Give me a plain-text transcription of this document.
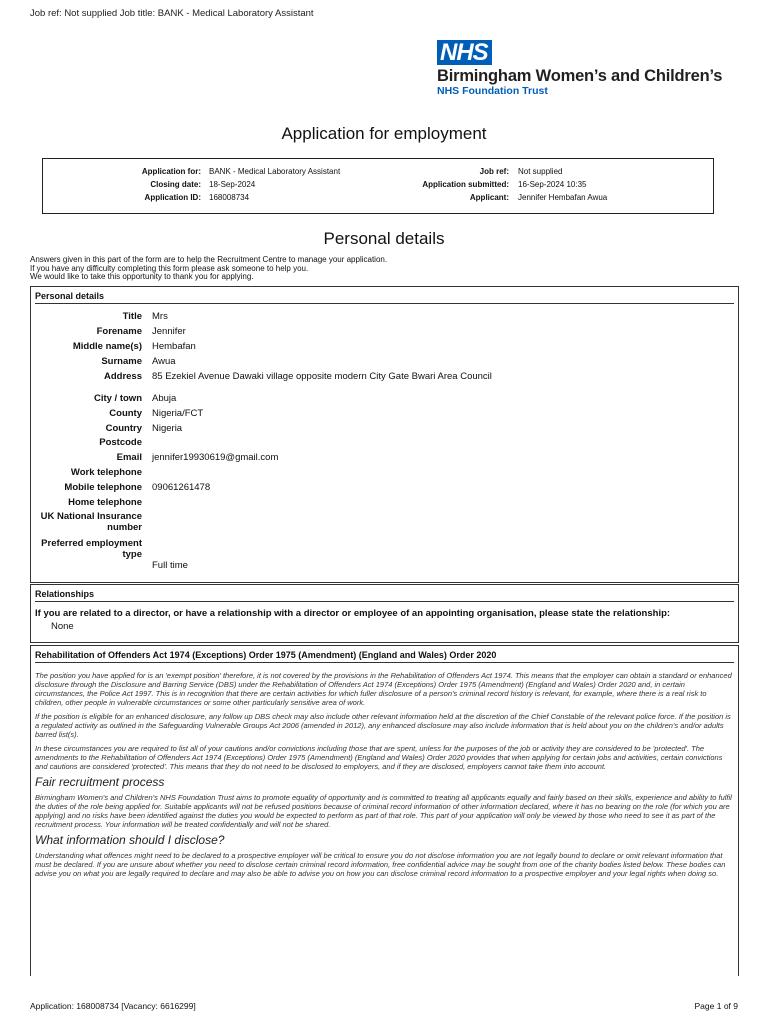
Job ref: Not supplied Job title: BANK - Medical Laboratory Assistant
NHS
Birmingham Women’s and Children’s
NHS Foundation Trust
Application for employment
Application for: BANK - Medical Laboratory Assistant	Job ref: Not supplied
Closing date: 18-Sep-2024	Application submitted: 16-Sep-2024 10:35
Application ID: 168008734	Applicant: Jennifer Hembafan Awua
Personal details
Answers given in this part of the form are to help the Recruitment Centre to manage your application.
If you have any difficulty completing this form please ask someone to help you.
We would like to take this opportunity to thank you for applying.
Personal details
Title Mrs
Forename Jennifer
Middle name(s) Hembafan
Surname Awua
Address 85 Ezekiel Avenue Dawaki village opposite modern City Gate Bwari Area Council
City / town Abuja
County Nigeria/FCT
Country Nigeria
Postcode
Email jennifer19930619@gmail.com
Work telephone
Mobile telephone 09061261478
Home telephone
UK National Insurance number
Preferred employment type
Full time
Relationships
If you are related to a director, or have a relationship with a director or employee of an appointing organisation, please state the relationship:
None
Rehabilitation of Offenders Act 1974 (Exceptions) Order 1975 (Amendment) (England and Wales) Order 2020
The position you have applied for is an 'exempt position' therefore, it is not covered by the provisions in the Rehabilitation of Offenders Act 1974. This means that the employer can obtain a standard or enhanced disclosure through the Disclosure and Barring Service (DBS) under the Rehabilitation of Offenders Act 1974 (Exceptions) Order 1975 (Amendment) (England and Wales) Order 2020 and, in certain circumstances, the Police Act 1997. This is in recognition that there are certain activities for which fuller disclosure of a person’s criminal record history is relevant, for example, where there is a real risk to children, other people in vulnerable circumstances or some other particularly sensitive area of work.
If the position is eligible for an enhanced disclosure, any follow up DBS check may also include other relevant information held at the discretion of the Chief Constable of the relevant police force. If the position is a regulated activity as outlined in the Safeguarding Vulnerable Groups Act 2006 (amended in 2012), any enhanced disclosure may also include information that is held about you on the children’s and/or adults barred list(s).
In these circumstances you are required to list all of your cautions and/or convictions including those that are spent, unless for the purposes of the job or activity they are considered to be 'protected'. The amendments to the Rehabilitation of Offenders Act 1974 (Exceptions) Order 1975 (Amendment) (England and Wales) Order 2020 provides that when applying for certain jobs and activities, certain convictions and cautions are considered 'protected'. This means that they do not need to be disclosed to employers, and if they are disclosed, employers cannot take them into account.
Fair recruitment process
Birmingham Women's and Children's NHS Foundation Trust aims to promote equality of opportunity and is committed to treating all applicants equally and fairly based on their skills, experience and ability to fulfil the duties of the role being applied for. Suitable applicants will not be refused positions because of criminal record information of other information declared, where it has no bearing on the role (for which you are applying) and no risks have been identified against the duties you would be expected to perform as part of that role. This part of your application will only be viewed by those who need to see it as part of the recruitment process. Your information will be treated confidentially and will not be shared.
What information should I disclose?
Understanding what offences might need to be declared to a prospective employer will be critical to ensure you do not disclose information you are not legally bound to declare or omit relevant information that must be declared. If you are unsure about whether you need to disclose certain criminal record information, free confidential advice may be sought from one of the charity bodies listed below. These bodies can advise you on what you are legally required to declare and may also be able to advise you on how you can disclose criminal record information to a prospective employer and your legal rights when doing so.
Application: 168008734 [Vacancy: 6616299]	Page 1 of 9
